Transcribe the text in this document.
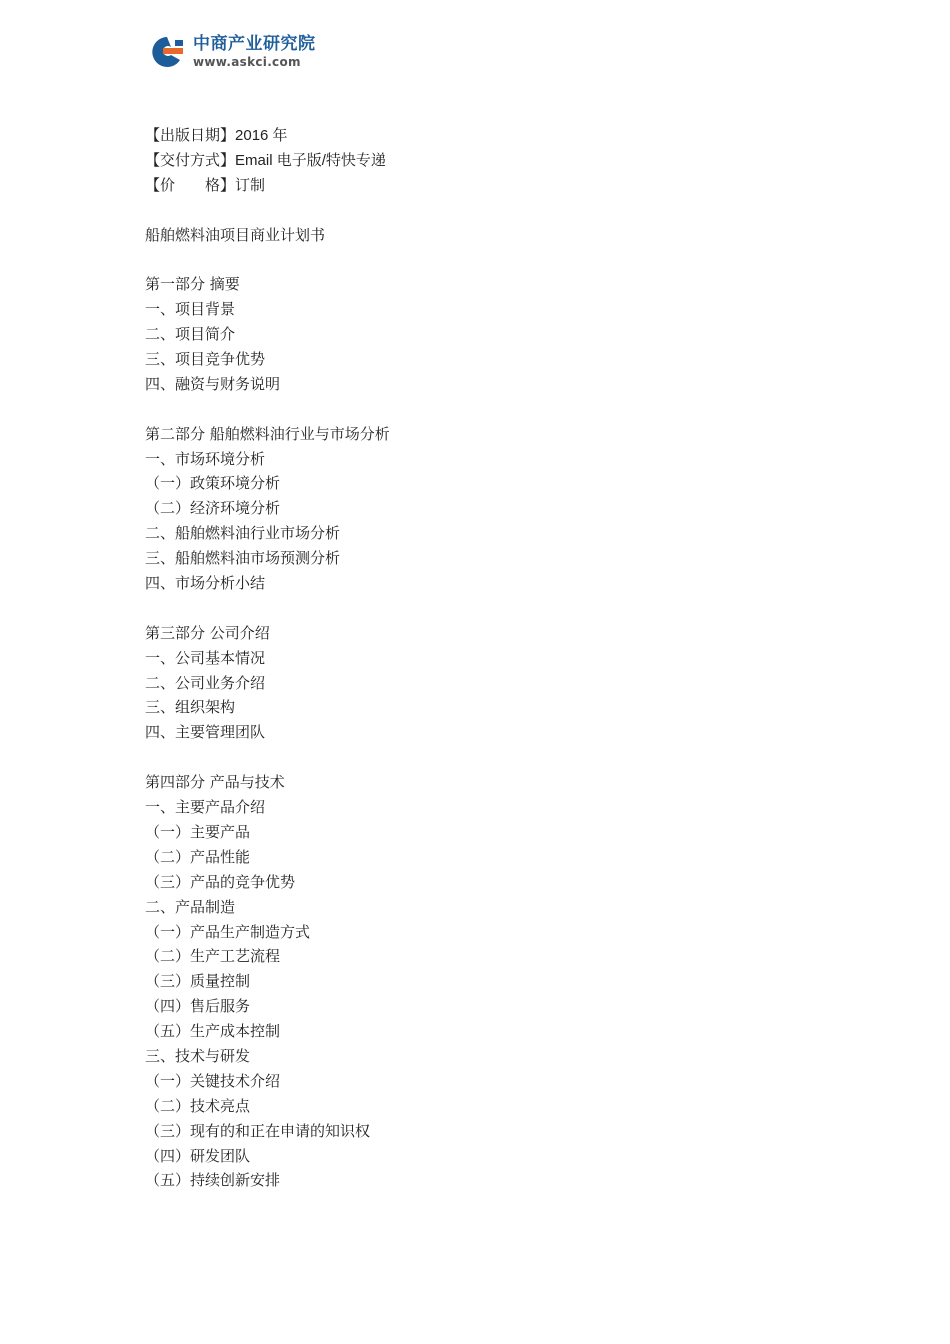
中商产业研究院
www.askci.com
【出版日期】2016 年
【交付方式】Email 电子版/特快专递
【价　　格】订制
船舶燃料油项目商业计划书
第一部分 摘要
一、项目背景
二、项目简介
三、项目竞争优势
四、融资与财务说明
第二部分 船舶燃料油行业与市场分析
一、市场环境分析
（一）政策环境分析
（二）经济环境分析
二、船舶燃料油行业市场分析
三、船舶燃料油市场预测分析
四、市场分析小结
第三部分 公司介绍
一、公司基本情况
二、公司业务介绍
三、组织架构
四、主要管理团队
第四部分 产品与技术
一、主要产品介绍
（一）主要产品
（二）产品性能
（三）产品的竞争优势
二、产品制造
（一）产品生产制造方式
（二）生产工艺流程
（三）质量控制
（四）售后服务
（五）生产成本控制
三、技术与研发
（一）关键技术介绍
（二）技术亮点
（三）现有的和正在申请的知识权
（四）研发团队
（五）持续创新安排
